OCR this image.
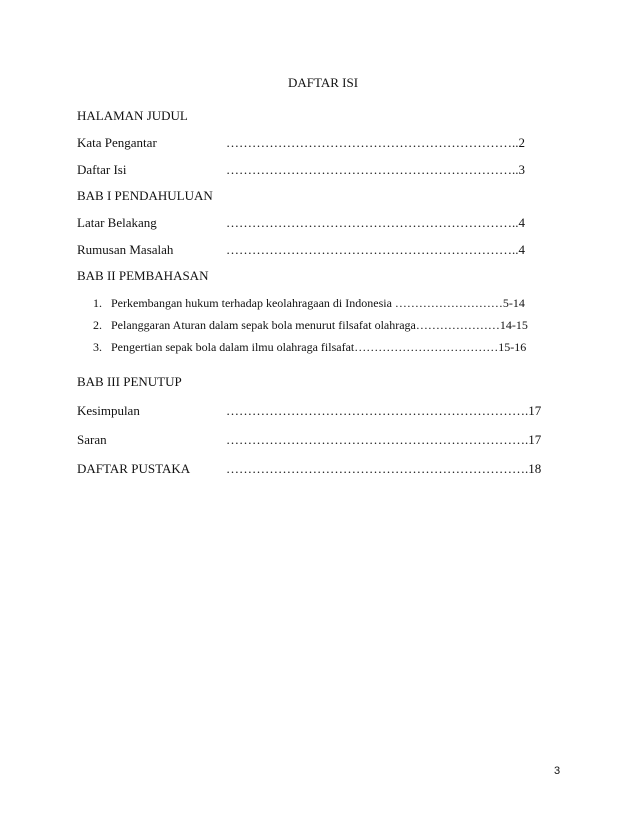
DAFTAR ISI
HALAMAN JUDUL
Kata Pengantar	…………………………………………………………..2
Daftar Isi	…………………………………………………………..3
BAB I PENDAHULUAN
Latar Belakang	…………………………………………………………..4
Rumusan Masalah	…………………………………………………………..4
BAB II PEMBAHASAN
1. Perkembangan hukum terhadap keolahragaan di Indonesia ………………………5-14
2. Pelanggaran Aturan dalam sepak bola menurut filsafat olahraga…………………14-15
3. Pengertian sepak bola dalam ilmu olahraga filsafat………………………………15-16
BAB III PENUTUP
Kesimpulan	…………………………………………………………….17
Saran	…………………………………………………………….17
DAFTAR PUSTAKA	…………………………………………………………….18
3
